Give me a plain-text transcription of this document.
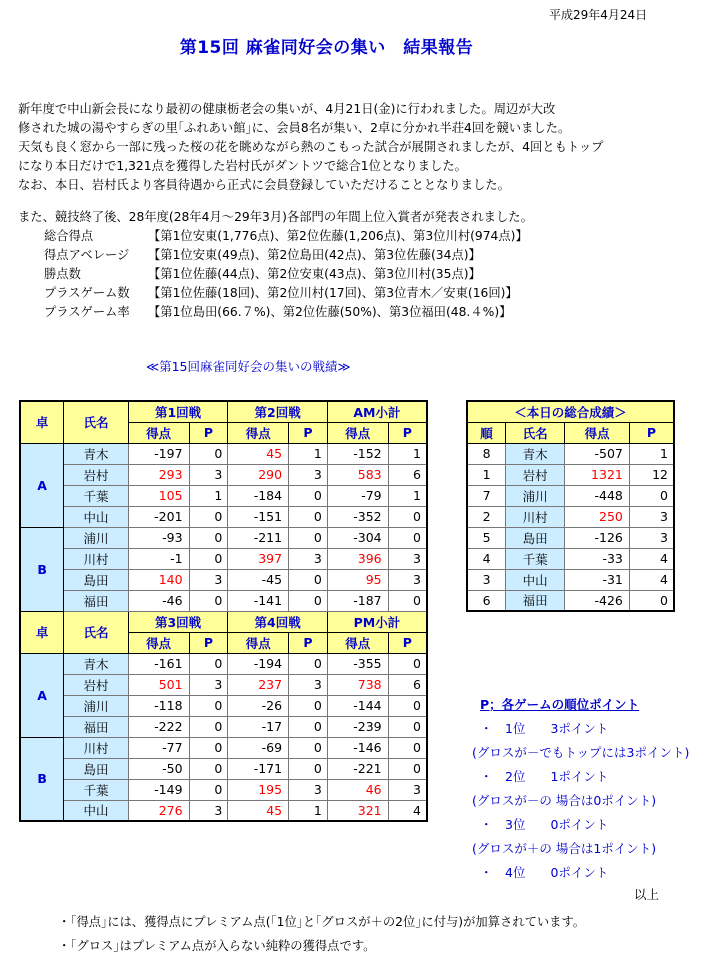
平成29年4月24日
第15回 麻雀同好会の集い　結果報告
新年度で中山新会長になり最初の健康栃老会の集いが、4月21日(金)に行われました。周辺が大改
修された城の湯やすらぎの里｢ふれあい館｣に、会員8名が集い、2卓に分かれ半荘4回を競いました。
天気も良く窓から一部に残った桜の花を眺めながら熱のこもった試合が展開されましたが、4回ともトップ
になり本日だけで1,321点を獲得した岩村氏がダントツで総合1位となりました。
なお、本日、岩村氏より客員待遇から正式に会員登録していただけることとなりました。
また、競技終了後、28年度(28年4月～29年3月)各部門の年間上位入賞者が発表されました。
総合得点	【第1位安東(1,776点)、第2位佐藤(1,206点)、第3位川村(974点)】
得点アベレージ 【第1位安東(49点)、第2位島田(42点)、第3位佐藤(34点)】
勝点数	【第1位佐藤(44点)、第2位安東(43点)、第3位川村(35点)】
プラスゲーム数 【第1位佐藤(18回)、第2位川村(17回)、第3位青木／安東(16回)】
プラスゲーム率 【第1位島田(66.７%)、第2位佐藤(50%)、第3位福田(48.４%)】
≪第15回麻雀同好会の集いの戦績≫
卓	氏名	第1回戦		第2回戦		AM小計	
		得点	P	得点	P	得点	P
A	青木	-197	0	45	1	-152	1
	岩村	293	3	290	3	583	6
	千葉	105	1	-184	0	-79	1
	中山	-201	0	-151	0	-352	0
B	浦川	-93	0	-211	0	-304	0
	川村	-1	0	397	3	396	3
	島田	140	3	-45	0	95	3
	福田	-46	0	-141	0	-187	0
卓	氏名	第3回戦		第4回戦		PM小計	
		得点	P	得点	P	得点	P
A	青木	-161	0	-194	0	-355	0
	岩村	501	3	237	3	738	6
	浦川	-118	0	-26	0	-144	0
	福田	-222	0	-17	0	-239	0
B	川村	-77	0	-69	0	-146	0
	島田	-50	0	-171	0	-221	0
	千葉	-149	0	195	3	46	3
	中山	276	3	45	1	321	4
＜本日の総合成績＞			
順	氏名	得点	P
8	青木	-507	1
1	岩村	1321	12
7	浦川	-448	0
2	川村	250	3
5	島田	-126	3
4	千葉	-33	4
3	中山	-31	4
6	福田	-426	0
P；各ゲームの順位ポイント
・　1位　　3ポイント
(グロスが－でもトップには3ポイント)
・　2位　　1ポイント
(グロスが－の 場合は0ポイント)
・　3位　　0ポイント
(グロスが＋の 場合は1ポイント)
・　4位　　0ポイント
以上
・｢得点｣には、獲得点にプレミアム点(｢1位｣と｢グロスが＋の2位｣に付与)が加算されています。
・｢グロス｣はプレミアム点が入らない純粋の獲得点です。
